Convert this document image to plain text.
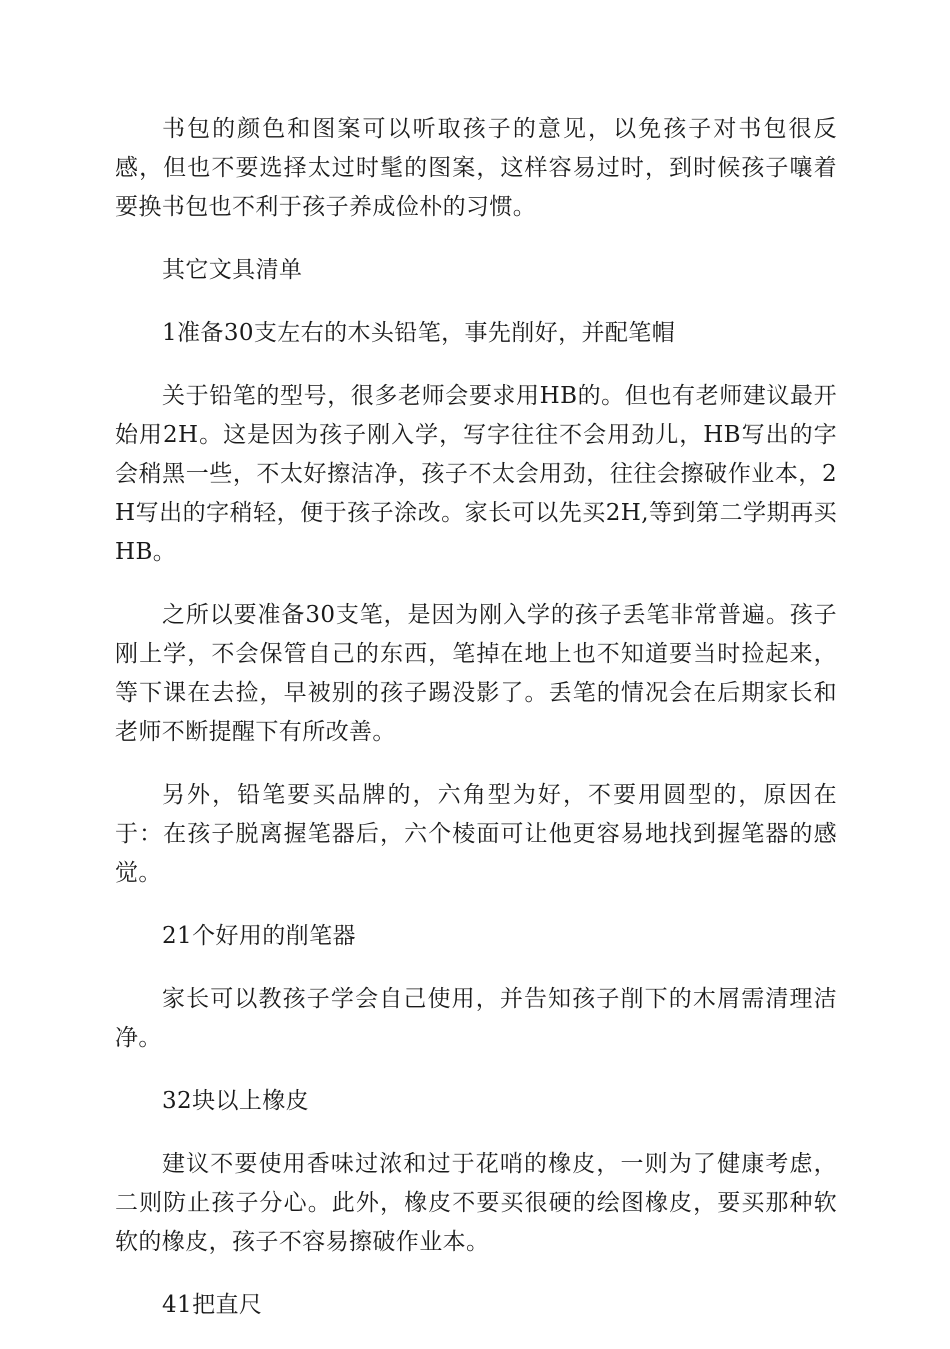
书包的颜色和图案可以听取孩子的意见，以免孩子对书包很反感，但也不要选择太过时髦的图案，这样容易过时，到时候孩子嚷着要换书包也不利于孩子养成俭朴的习惯。

其它文具清单

1准备30支左右的木头铅笔，事先削好，并配笔帽

关于铅笔的型号，很多老师会要求用HB的。但也有老师建议最开始用2H。这是因为孩子刚入学，写字往往不会用劲儿，HB写出的字会稍黑一些，不太好擦洁净，孩子不太会用劲，往往会擦破作业本，2H写出的字稍轻，便于孩子涂改。家长可以先买2H,等到第二学期再买HB。

之所以要准备30支笔，是因为刚入学的孩子丢笔非常普遍。孩子刚上学，不会保管自己的东西，笔掉在地上也不知道要当时捡起来，等下课在去捡，早被别的孩子踢没影了。丢笔的情况会在后期家长和老师不断提醒下有所改善。

另外，铅笔要买品牌的，六角型为好，不要用圆型的，原因在于：在孩子脱离握笔器后，六个棱面可让他更容易地找到握笔器的感觉。

21个好用的削笔器

家长可以教孩子学会自己使用，并告知孩子削下的木屑需清理洁净。

32块以上橡皮

建议不要使用香味过浓和过于花哨的橡皮，一则为了健康考虑，二则防止孩子分心。此外，橡皮不要买很硬的绘图橡皮，要买那种软软的橡皮，孩子不容易擦破作业本。

41把直尺
